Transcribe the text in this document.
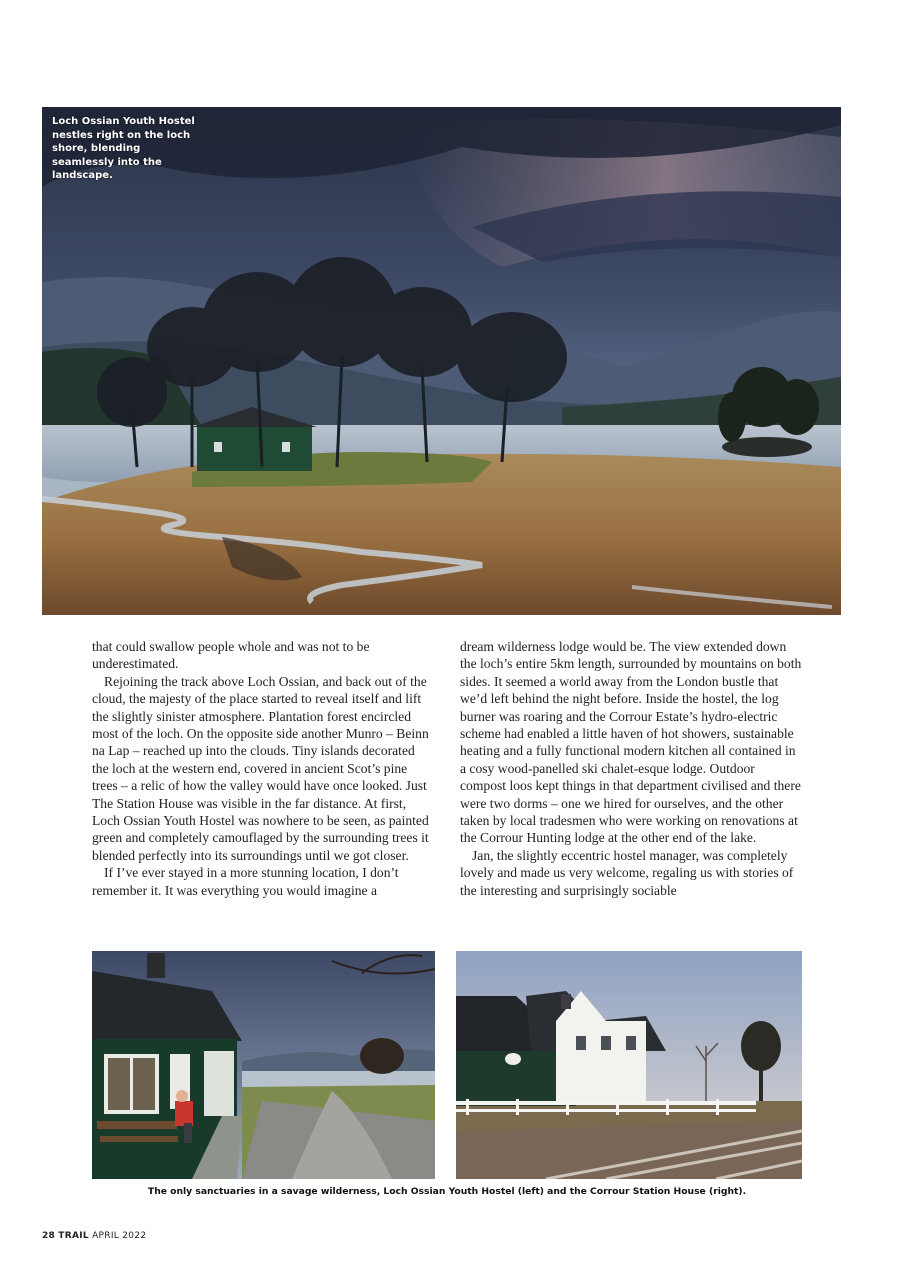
Loch Ossian Youth Hostel nestles right on the loch shore, blending seamlessly into the landscape.

that could swallow people whole and was not to be underestimated.

Rejoining the track above Loch Ossian, and back out of the cloud, the majesty of the place started to reveal itself and lift the slightly sinister atmosphere. Plantation forest encircled most of the loch. On the opposite side another Munro – Beinn na Lap – reached up into the clouds. Tiny islands decorated the loch at the western end, covered in ancient Scot’s pine trees – a relic of how the valley would have once looked. Just The Station House was visible in the far distance. At first, Loch Ossian Youth Hostel was nowhere to be seen, as painted green and completely camouflaged by the surrounding trees it blended perfectly into its surroundings until we got closer.

If I’ve ever stayed in a more stunning location, I don’t remember it. It was everything you would imagine a

dream wilderness lodge would be. The view extended down the loch’s entire 5km length, surrounded by mountains on both sides. It seemed a world away from the London bustle that we’d left behind the night before. Inside the hostel, the log burner was roaring and the Corrour Estate’s hydro-electric scheme had enabled a little haven of hot showers, sustainable heating and a fully functional modern kitchen all contained in a cosy wood-panelled ski chalet-esque lodge. Outdoor compost loos kept things in that department civilised and there were two dorms – one we hired for ourselves, and the other taken by local tradesmen who were working on renovations at the Corrour Hunting lodge at the other end of the lake.

Jan, the slightly eccentric hostel manager, was completely lovely and made us very welcome, regaling us with stories of the interesting and surprisingly sociable

The only sanctuaries in a savage wilderness, Loch Ossian Youth Hostel (left) and the Corrour Station House (right).
28 TRAIL APRIL 2022
